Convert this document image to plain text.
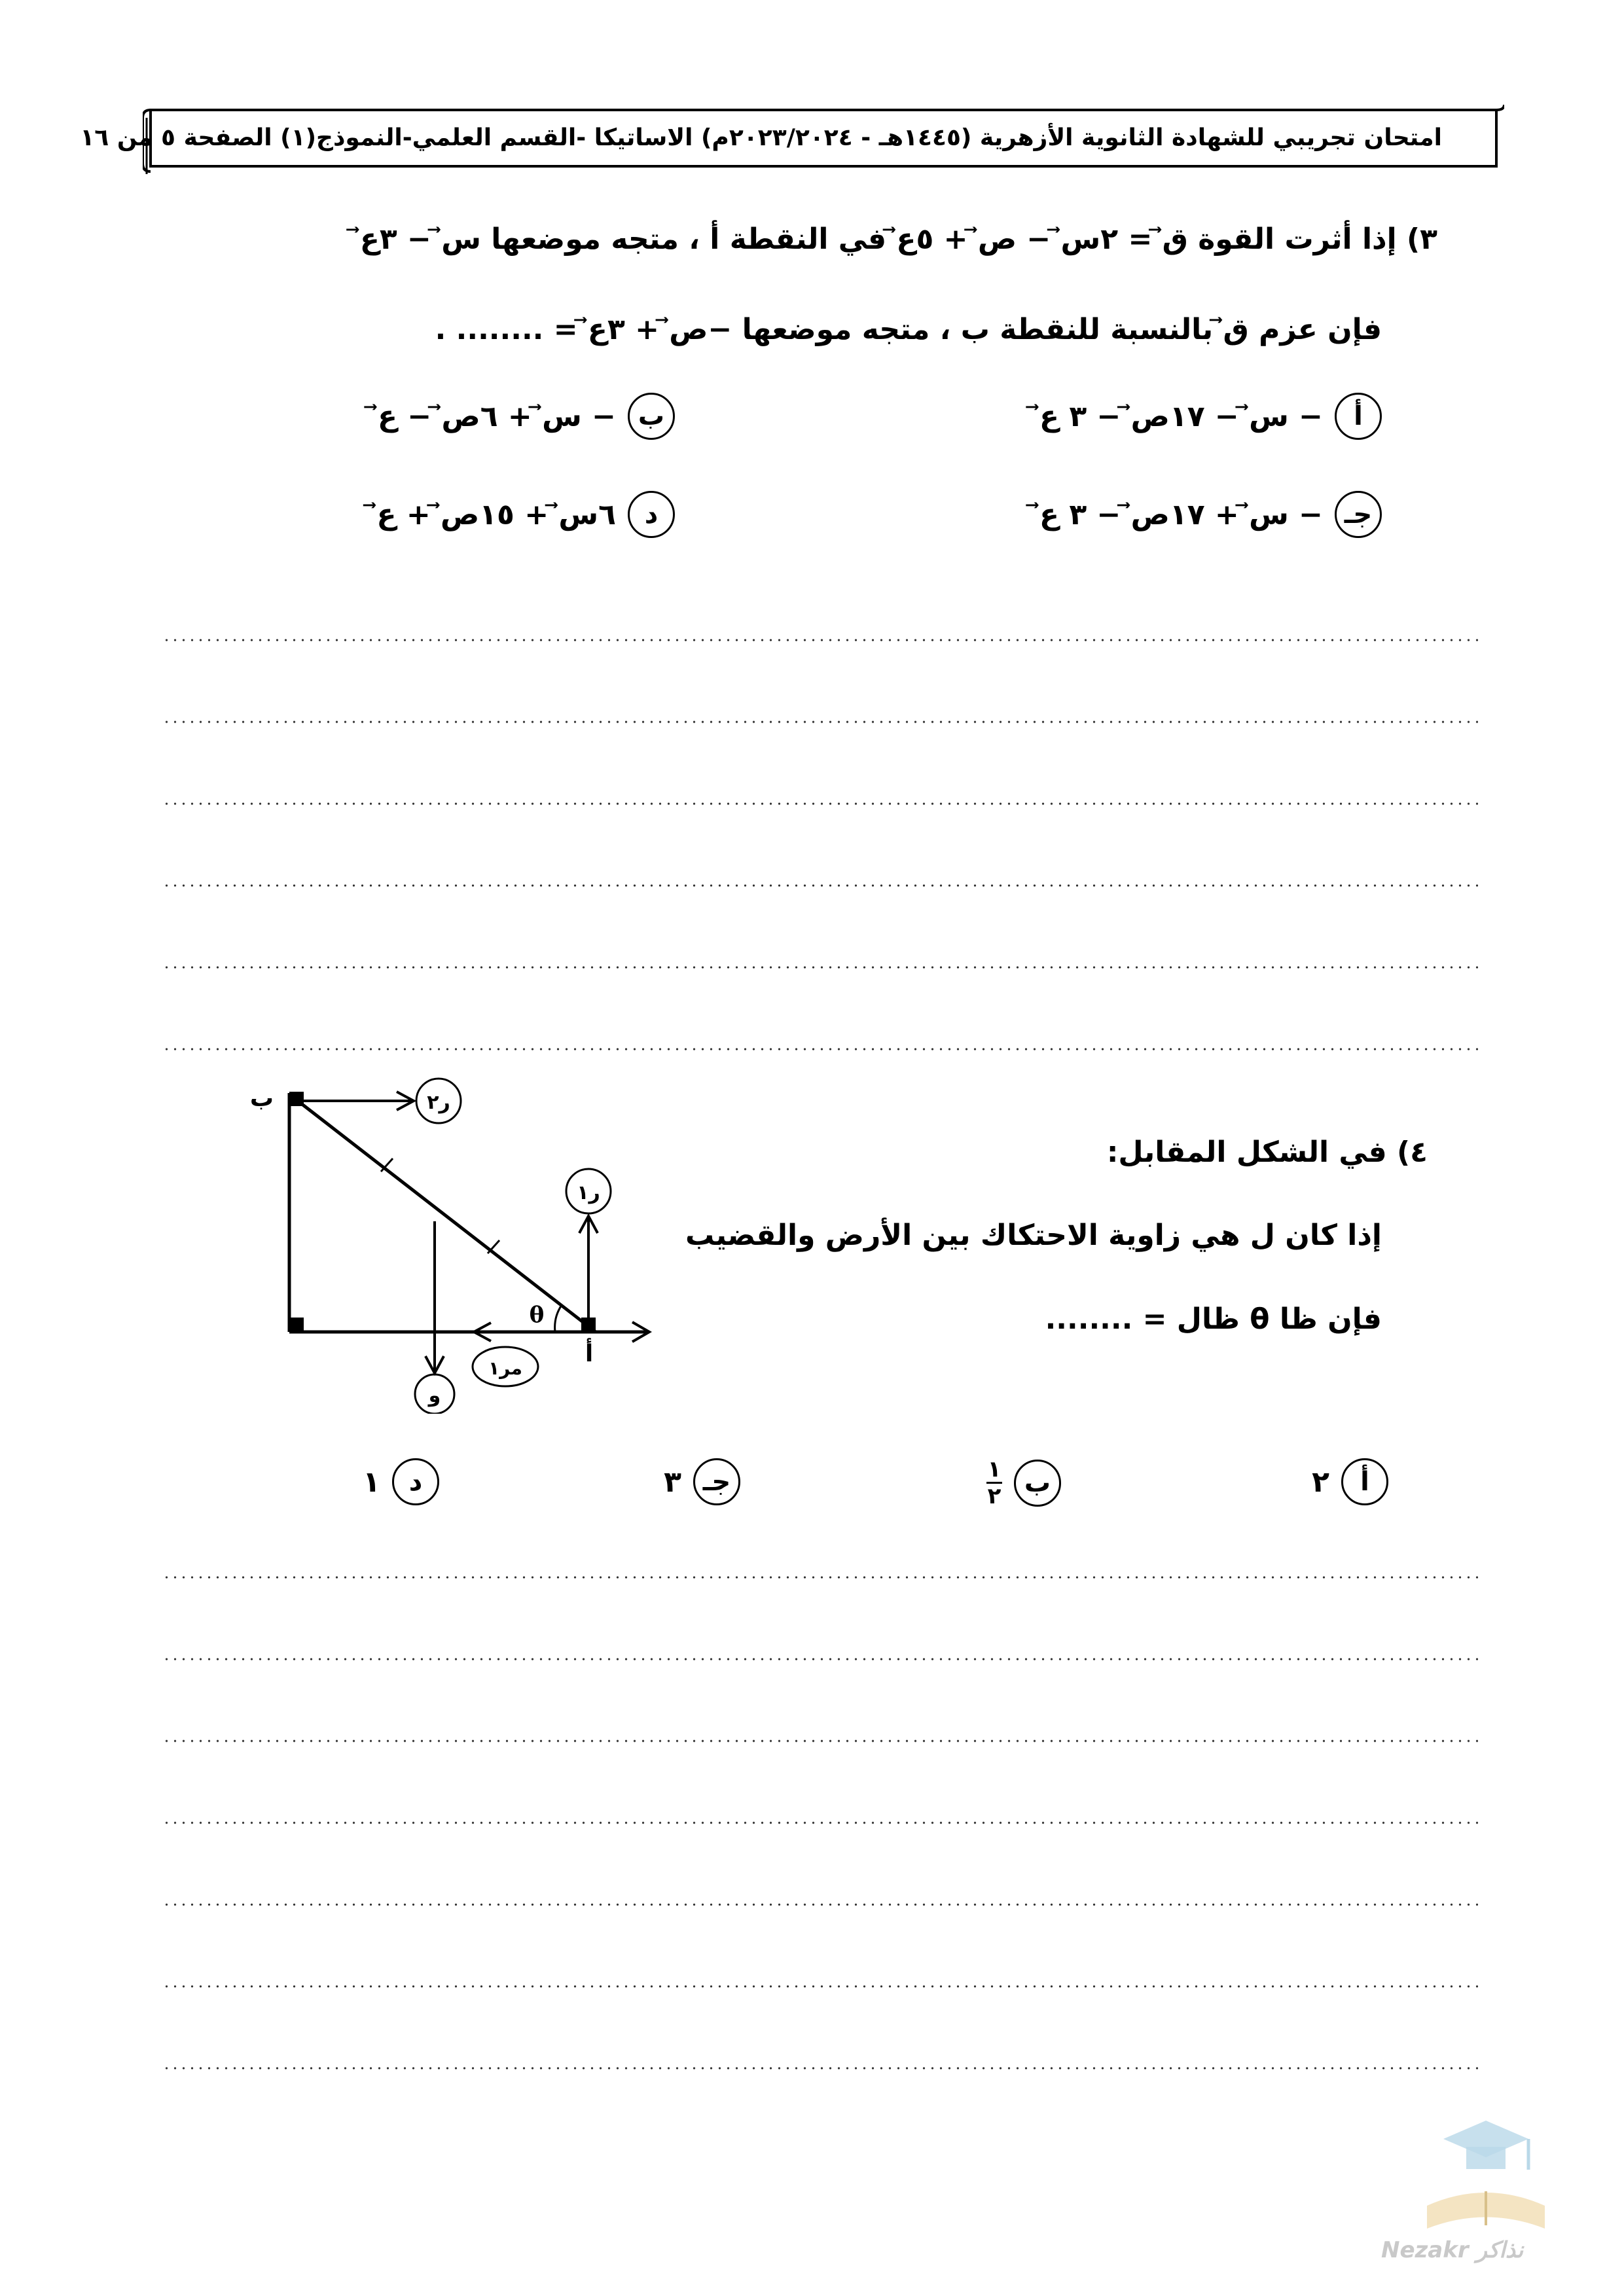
امتحان تجريبي للشهادة الثانوية الأزهرية (١٤٤٥هـ - ٢٠٢٣/٢٠٢٤م) الاساتيكا -القسم العلمي-النموذج(١) الصفحة ٥ من ١٦
٣) إذا أثرت القوة ق⃗ = ٢س⃗ − ص⃗ + ٥ع⃗ في النقطة أ ، متجه موضعها س⃗ − ٣ع⃗
فإن عزم ق⃗ بالنسبة للنقطة ب ، متجه موضعها −ص⃗ + ٣ع⃗ = ........ .
أ
− س⃗ − ١٧ص⃗ − ٣ ع⃗
ب
− س⃗ + ٦ص⃗ − ع⃗
جـ
− س⃗ + ١٧ص⃗ − ٣ ع⃗
د
٦س⃗ + ١٥ص⃗ + ع⃗
٤) في الشكل المقابل:
إذا كان ل هي زاوية الاحتكاك بين الأرض والقضيب
فإن ظا θ ظال = ........
ر٢
ب
و
مر١
ر١
θ
أ
أ
٢
ب
$\frac{١}{٢}$
جـ
٣
د
١
Nezakr نذاكر
